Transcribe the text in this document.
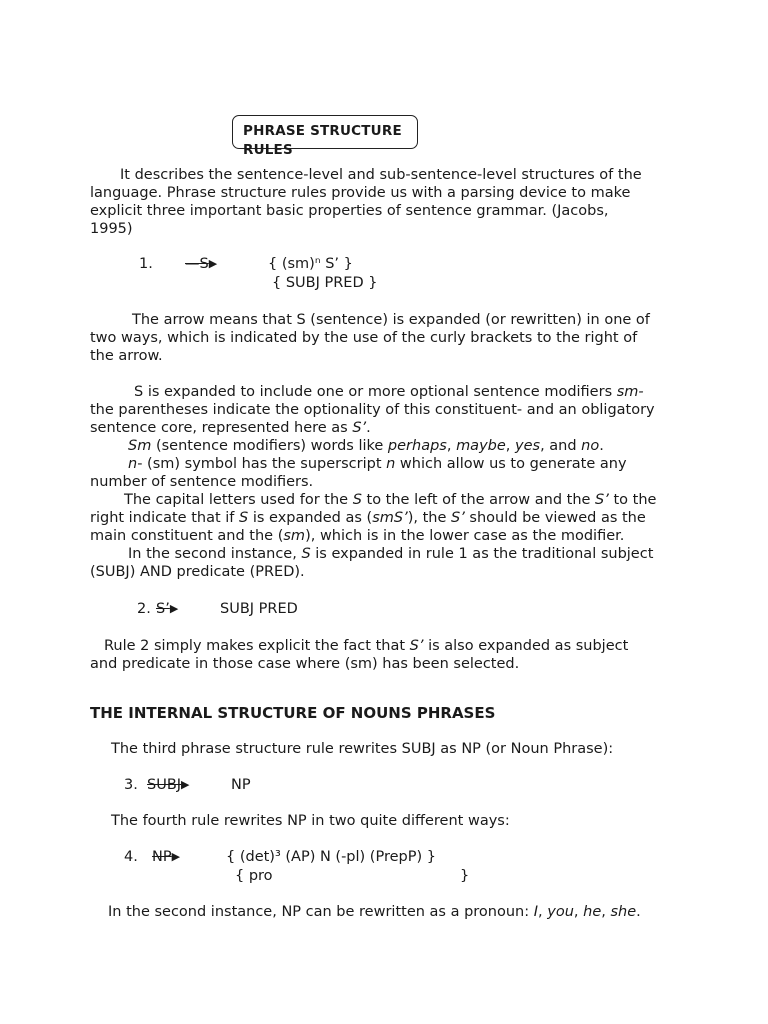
PHRASE STRUCTURE RULES
It describes the sentence-level and sub-sentence-level structures of the
language. Phrase structure rules provide us with a parsing device to make
explicit three important basic properties of sentence grammar. (Jacobs,
1995)
1. —S▶	{ (sm)ⁿ S’ }
{ SUBJ PRED }
The arrow means that S (sentence) is expanded (or rewritten) in one of
two ways, which is indicated by the use of the curly brackets to the right of
the arrow.
S is expanded to include one or more optional sentence modifiers sm-
the parentheses indicate the optionality of this constituent- and an obligatory
sentence core, represented here as S’.
Sm (sentence modifiers) words like perhaps, maybe, yes, and no.
n- (sm) symbol has the superscript n which allow us to generate any
number of sentence modifiers.
The capital letters used for the S to the left of the arrow and the S’ to the
right indicate that if S is expanded as (smS’), the S’ should be viewed as the
main constituent and the (sm), which is in the lower case as the modifier.
In the second instance, S is expanded in rule 1 as the traditional subject
(SUBJ) AND predicate (PRED).
2. S’▶	SUBJ PRED
Rule 2 simply makes explicit the fact that S’ is also expanded as subject
and predicate in those case where (sm) has been selected.
THE INTERNAL STRUCTURE OF NOUNS PHRASES
The third phrase structure rule rewrites SUBJ as NP (or Noun Phrase):
3. SUBJ▶	NP
The fourth rule rewrites NP in two quite different ways:
4. NP▶	{ (det)³ (AP) N (-pl) (PrepP) }
{ pro	}
In the second instance, NP can be rewritten as a pronoun: I, you, he, she.
